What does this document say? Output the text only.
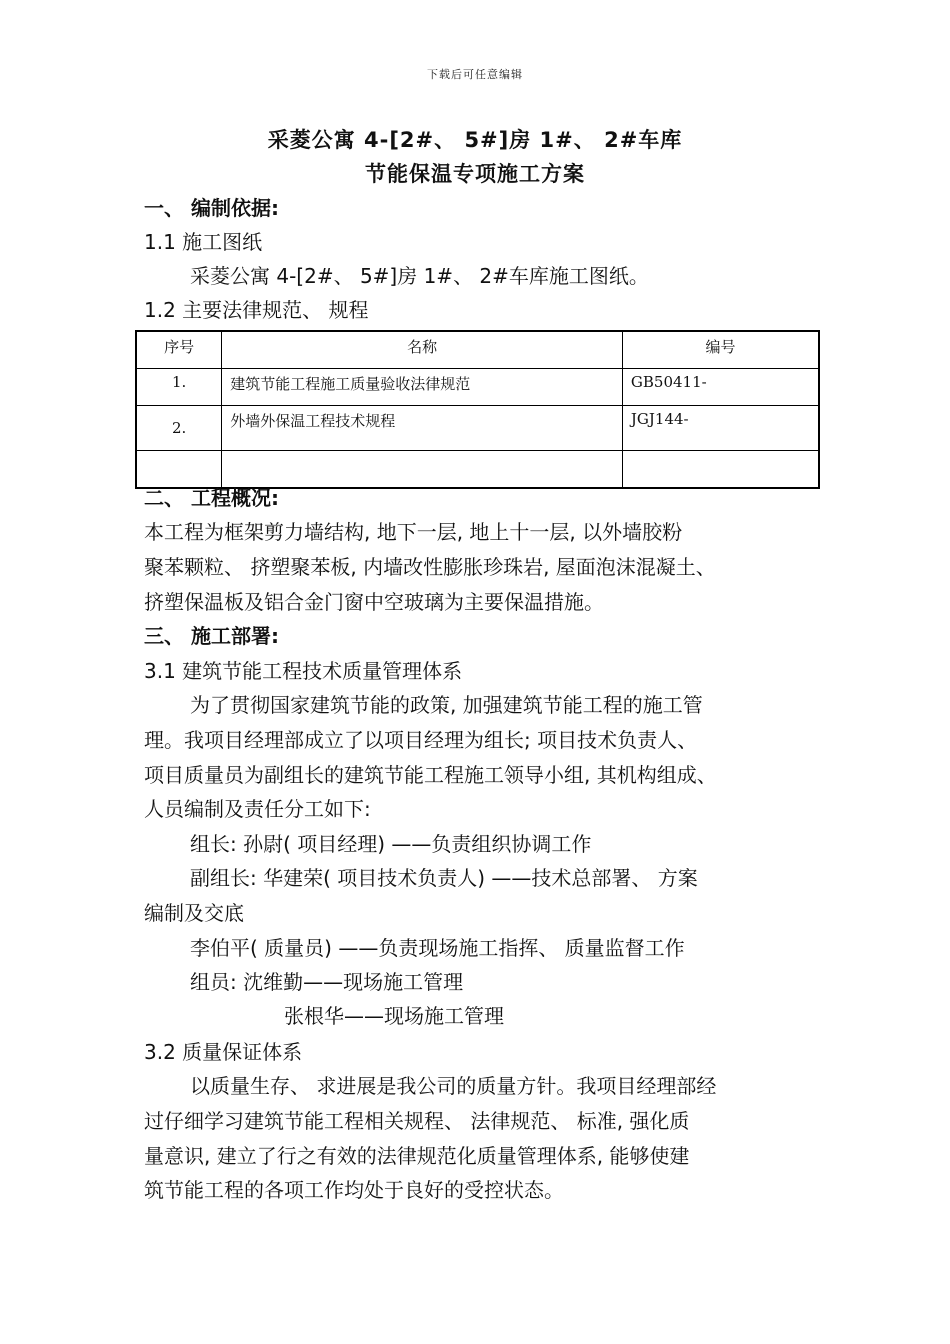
下载后可任意编辑
采菱公寓 4-[2#、 5#]房 1#、 2#车库
节能保温专项施工方案
一、 编制依据:
1.1 施工图纸
采菱公寓 4-[2#、 5#]房 1#、 2#车库施工图纸。
1.2 主要法律规范、 规程
序号	名称	编号
1.	建筑节能工程施工质量验收法律规范	GB50411-
2.	外墙外保温工程技术规程	JGJ144-

二、 工程概况:
本工程为框架剪力墙结构, 地下一层, 地上十一层, 以外墙胶粉
聚苯颗粒、 挤塑聚苯板, 内墙改性膨胀珍珠岩, 屋面泡沫混凝土、
挤塑保温板及铝合金门窗中空玻璃为主要保温措施。
三、 施工部署:
3.1 建筑节能工程技术质量管理体系
为了贯彻国家建筑节能的政策, 加强建筑节能工程的施工管
理。我项目经理部成立了以项目经理为组长; 项目技术负责人、
项目质量员为副组长的建筑节能工程施工领导小组, 其机构组成、
人员编制及责任分工如下:
组长: 孙尉( 项目经理) ——负责组织协调工作
副组长: 华建荣( 项目技术负责人) ——技术总部署、 方案
编制及交底
李伯平( 质量员) ——负责现场施工指挥、 质量监督工作
组员: 沈维勤——现场施工管理
张根华——现场施工管理
3.2 质量保证体系
以质量生存、 求进展是我公司的质量方针。我项目经理部经
过仔细学习建筑节能工程相关规程、 法律规范、 标准, 强化质
量意识, 建立了行之有效的法律规范化质量管理体系, 能够使建
筑节能工程的各项工作均处于良好的受控状态。
